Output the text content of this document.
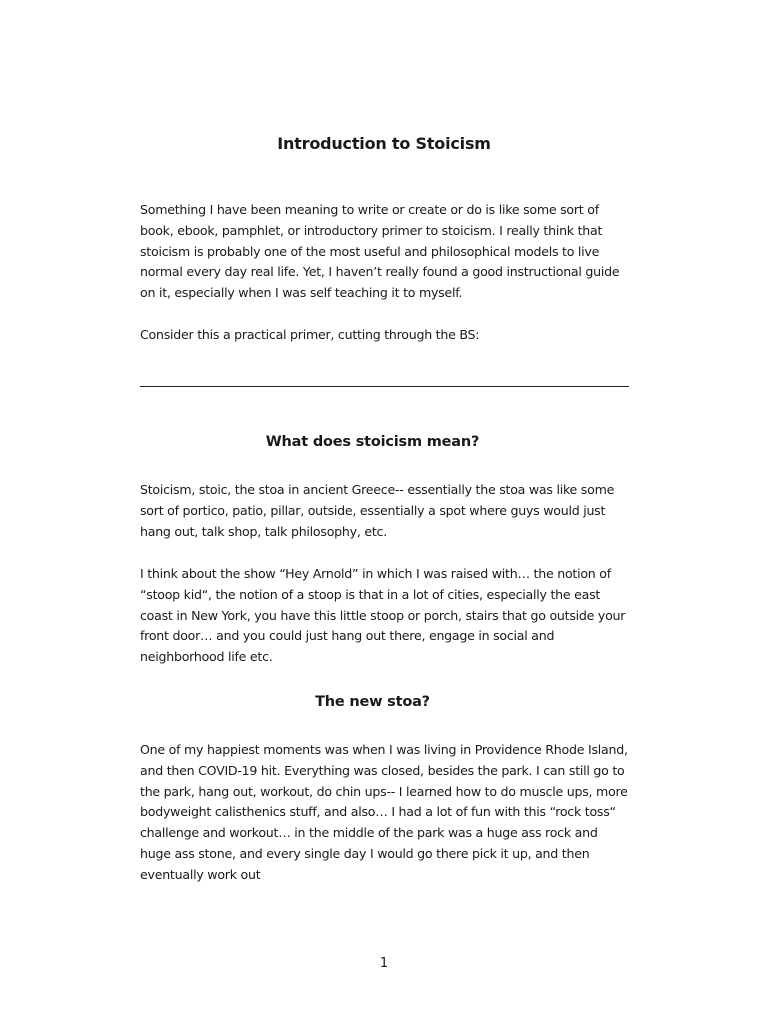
Introduction to Stoicism

Something I have been meaning to write or create or do is like some sort of book, ebook, pamphlet, or introductory primer to stoicism. I really think that stoicism is probably one of the most useful and philosophical models to live normal every day real life. Yet, I haven’t really found a good instructional guide on it, especially when I was self teaching it to myself.

Consider this a practical primer, cutting through the BS:

What does stoicism mean?

Stoicism, stoic, the stoa in ancient Greece-- essentially the stoa was like some sort of portico, patio, pillar, outside, essentially a spot where guys would just hang out, talk shop, talk philosophy, etc.

I think about the show “Hey Arnold” in which I was raised with… the notion of “stoop kid“, the notion of a stoop is that in a lot of cities, especially the east coast in New York, you have this little stoop or porch, stairs that go outside your front door… and you could just hang out there, engage in social and neighborhood life etc.

The new stoa?

One of my happiest moments was when I was living in Providence Rhode Island, and then COVID-19 hit. Everything was closed, besides the park. I can still go to the park, hang out, workout, do chin ups-- I learned how to do muscle ups, more bodyweight calisthenics stuff, and also… I had a lot of fun with this “rock toss“ challenge and workout… in the middle of the park was a huge ass rock and huge ass stone, and every single day I would go there pick it up, and then eventually work out

1
